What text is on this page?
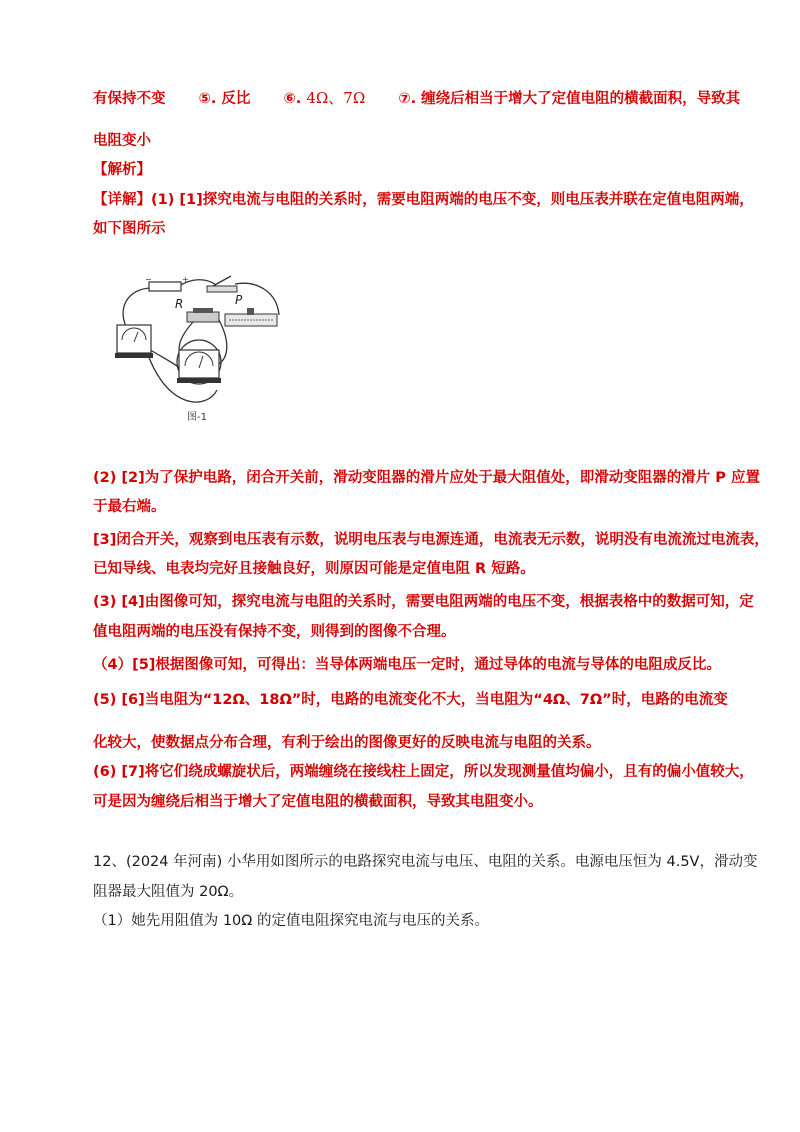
有保持不变 ⑤. 反比 ⑥. 4Ω、7Ω ⑦. 缠绕后相当于增大了定值电阻的横截面积，导致其
电阻变小
【解析】
【详解】(1) [1]探究电流与电阻的关系时，需要电阻两端的电压不变，则电压表并联在定值电阻两端，
如下图所示
−	+
R	P
图-1
(2) [2]为了保护电路，闭合开关前，滑动变阻器的滑片应处于最大阻值处，即滑动变阻器的滑片 P 应置
于最右端。
[3]闭合开关，观察到电压表有示数，说明电压表与电源连通，电流表无示数，说明没有电流流过电流表，
已知导线、电表均完好且接触良好，则原因可能是定值电阻 R 短路。
(3) [4]由图像可知，探究电流与电阻的关系时，需要电阻两端的电压不变，根据表格中的数据可知，定
值电阻两端的电压没有保持不变，则得到的图像不合理。
（4）[5]根据图像可知，可得出：当导体两端电压一定时，通过导体的电流与导体的电阻成反比。
(5) [6]当电阻为“12Ω、18Ω”时，电路的电流变化不大，当电阻为“4Ω、7Ω”时，电路的电流变
化较大，使数据点分布合理，有利于绘出的图像更好的反映电流与电阻的关系。
(6) [7]将它们绕成螺旋状后，两端缠绕在接线柱上固定，所以发现测量值均偏小，且有的偏小值较大，
可是因为缠绕后相当于增大了定值电阻的横截面积，导致其电阻变小。
12、(2024 年河南) 小华用如图所示的电路探究电流与电压、电阻的关系。电源电压恒为 4.5V，滑动变
阻器最大阻值为 20Ω。
（1）她先用阻值为 10Ω 的定值电阻探究电流与电压的关系。
